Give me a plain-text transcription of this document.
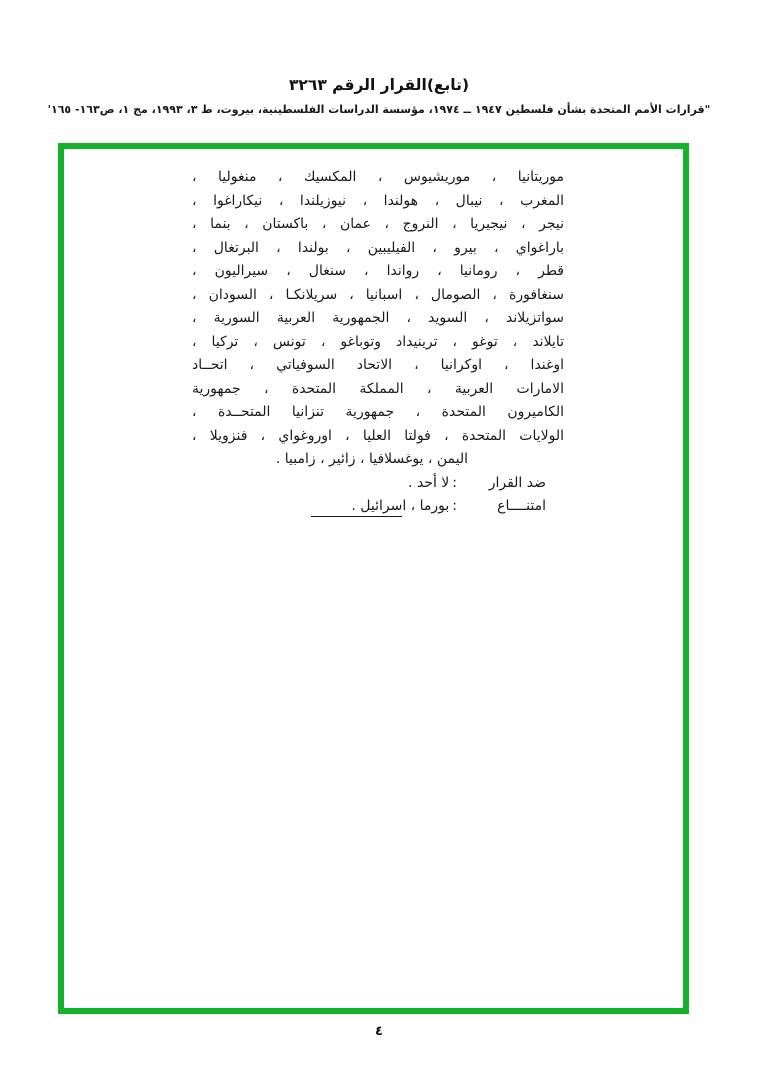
(تابع)القرار الرقم ٣٢٦٣
"قرارات الأمم المتحدة بشأن فلسطين ١٩٤٧ ــ ١٩٧٤، مؤسسة الدراسات الفلسطينية، بيروت، ط ٣، ١٩٩٣، مج ١، ص١٦٣- ١٦٥'
موريتانيا ، موريشيوس ، المكسيك ، منغوليا ،
المغرب ، نيبال ، هولندا ، نيوزيلندا ، نيكاراغوا ،
نيجر ، نيجيريا ، النروج ، عمان ، باكستان ، بنما ،
باراغواي ، بيرو ، الفيليبين ، بولندا ، البرتغال ،
قطر ، رومانيا ، رواندا ، سنغال ، سيراليون ،
سنغافورة ، الصومال ، اسبانيا ، سريلانكـا ، السودان ،
سواتزيلاند ، السويد ، الجمهورية العربية السورية ،
تايلاند ، توغو ، ترينيداد وتوباغو ، تونس ، تركيا ،
اوغندا ، اوكرانيا ، الاتحاد السوفياتي ، اتحــاد
الامارات العربية ، المملكة المتحدة ، جمهورية
الكاميرون المتحدة ، جمهورية تنزانيا المتحــدة ،
الولايات المتحدة ، فولتا العليا ، اوروغواي ، فنزويلا ،
اليمن ، يوغسلافيا ، زائير ، زامبيا .
ضد القرار:لا أحد .
امتنــــاع:بورما ، اسرائيل .
٤
